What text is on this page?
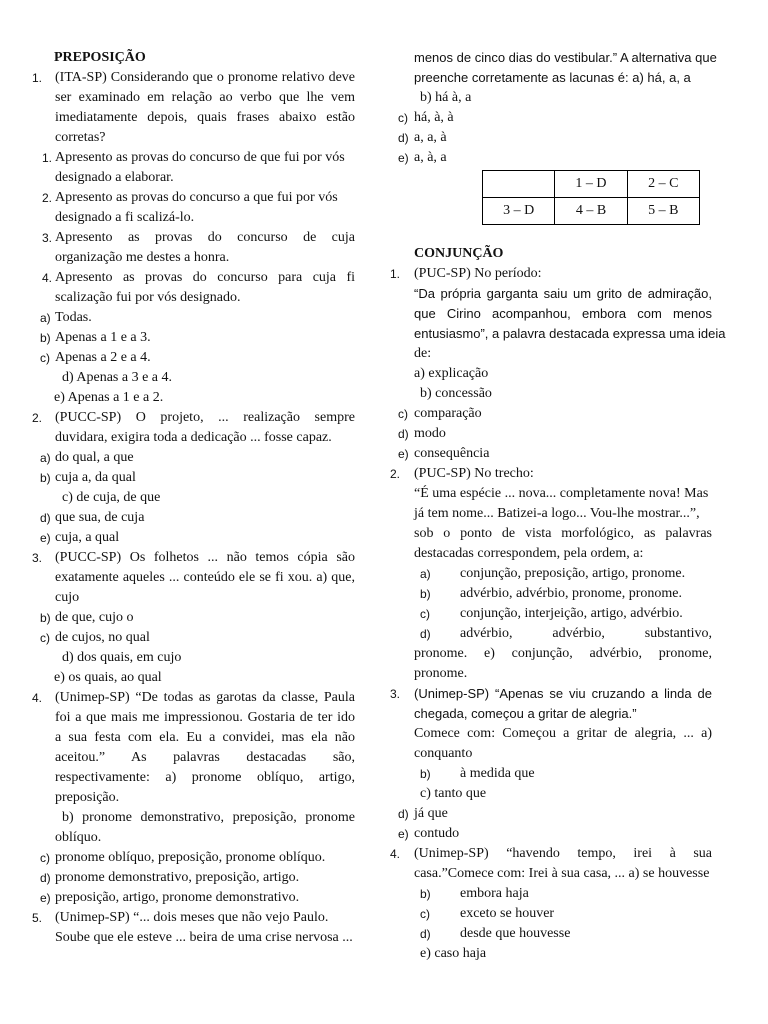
PREPOSIÇÃO
1. (ITA-SP) Considerando que o pronome relativo deve
ser examinado em relação ao verbo que lhe vem
imediatamente depois, quais frases abaixo estão
corretas?
1. Apresento as provas do concurso de que fui por vós
designado a elaborar.
2. Apresento as provas do concurso a que fui por vós
designado a fi scalizá-lo.
3. Apresento as provas do concurso de cuja
organização me destes a honra.
4. Apresento as provas do concurso para cuja fi
scalização fui por vós designado.
a) Todas.
b) Apenas a 1 e a 3.
c) Apenas a 2 e a 4.
d) Apenas a 3 e a 4.
e) Apenas a 1 e a 2.
2. (PUCC-SP) O projeto, ... realização sempre
duvidara, exigira toda a dedicação ... fosse capaz.
a) do qual, a que
b) cuja a, da qual
c) de cuja, de que
d) que sua, de cuja
e) cuja, a qual
3. (PUCC-SP) Os folhetos ... não temos cópia são
exatamente aqueles ... conteúdo ele se fi xou. a) que,
cujo
b) de que, cujo o
c) de cujos, no qual
d) dos quais, em cujo
e) os quais, ao qual
4. (Unimep-SP) “De todas as garotas da classe, Paula
foi a que mais me impressionou. Gostaria de ter ido
a sua festa com ela. Eu a convidei, mas ela não
aceitou.” As palavras destacadas são,
respectivamente: a) pronome oblíquo, artigo,
preposição.
b) pronome demonstrativo, preposição, pronome
oblíquo.
c) pronome oblíquo, preposição, pronome oblíquo.
d) pronome demonstrativo, preposição, artigo.
e) preposição, artigo, pronome demonstrativo.
5. (Unimep-SP) “... dois meses que não vejo Paulo.
Soube que ele esteve ... beira de uma crise nervosa ...
menos de cinco dias do vestibular.” A alternativa que
preenche corretamente as lacunas é: a) há, a, a
b) há à, a
c) há, à, à
d) a, a, à
e) a, à, a
	1 – D	2 – C
3 – D	4 – B	5 – B
CONJUNÇÃO
1. (PUC-SP) No período:
“Da própria garganta saiu um grito de admiração,
que Cirino acompanhou, embora com menos
entusiasmo”, a palavra destacada expressa uma ideia
de:
a) explicação
b) concessão
c) comparação
d) modo
e) consequência
2. (PUC-SP) No trecho:
“É uma espécie ... nova... completamente nova! Mas
já tem nome... Batizei-a logo... Vou-lhe mostrar...”,
sob o ponto de vista morfológico, as palavras
destacadas correspondem, pela ordem, a:
a) conjunção, preposição, artigo, pronome.
b) advérbio, advérbio, pronome, pronome.
c) conjunção, interjeição, artigo, advérbio.
d) advérbio, advérbio, substantivo,
pronome. e) conjunção, advérbio, pronome,
pronome.
3. (Unimep-SP) “Apenas se viu cruzando a linda de
chegada, começou a gritar de alegria.”
Comece com: Começou a gritar de alegria, ... a)
conquanto
b) à medida que
c) tanto que
d) já que
e) contudo
4. (Unimep-SP) “havendo tempo, irei à sua
casa.”Comece com: Irei à sua casa, ... a) se houvesse
b) embora haja
c) exceto se houver
d) desde que houvesse
e) caso haja
